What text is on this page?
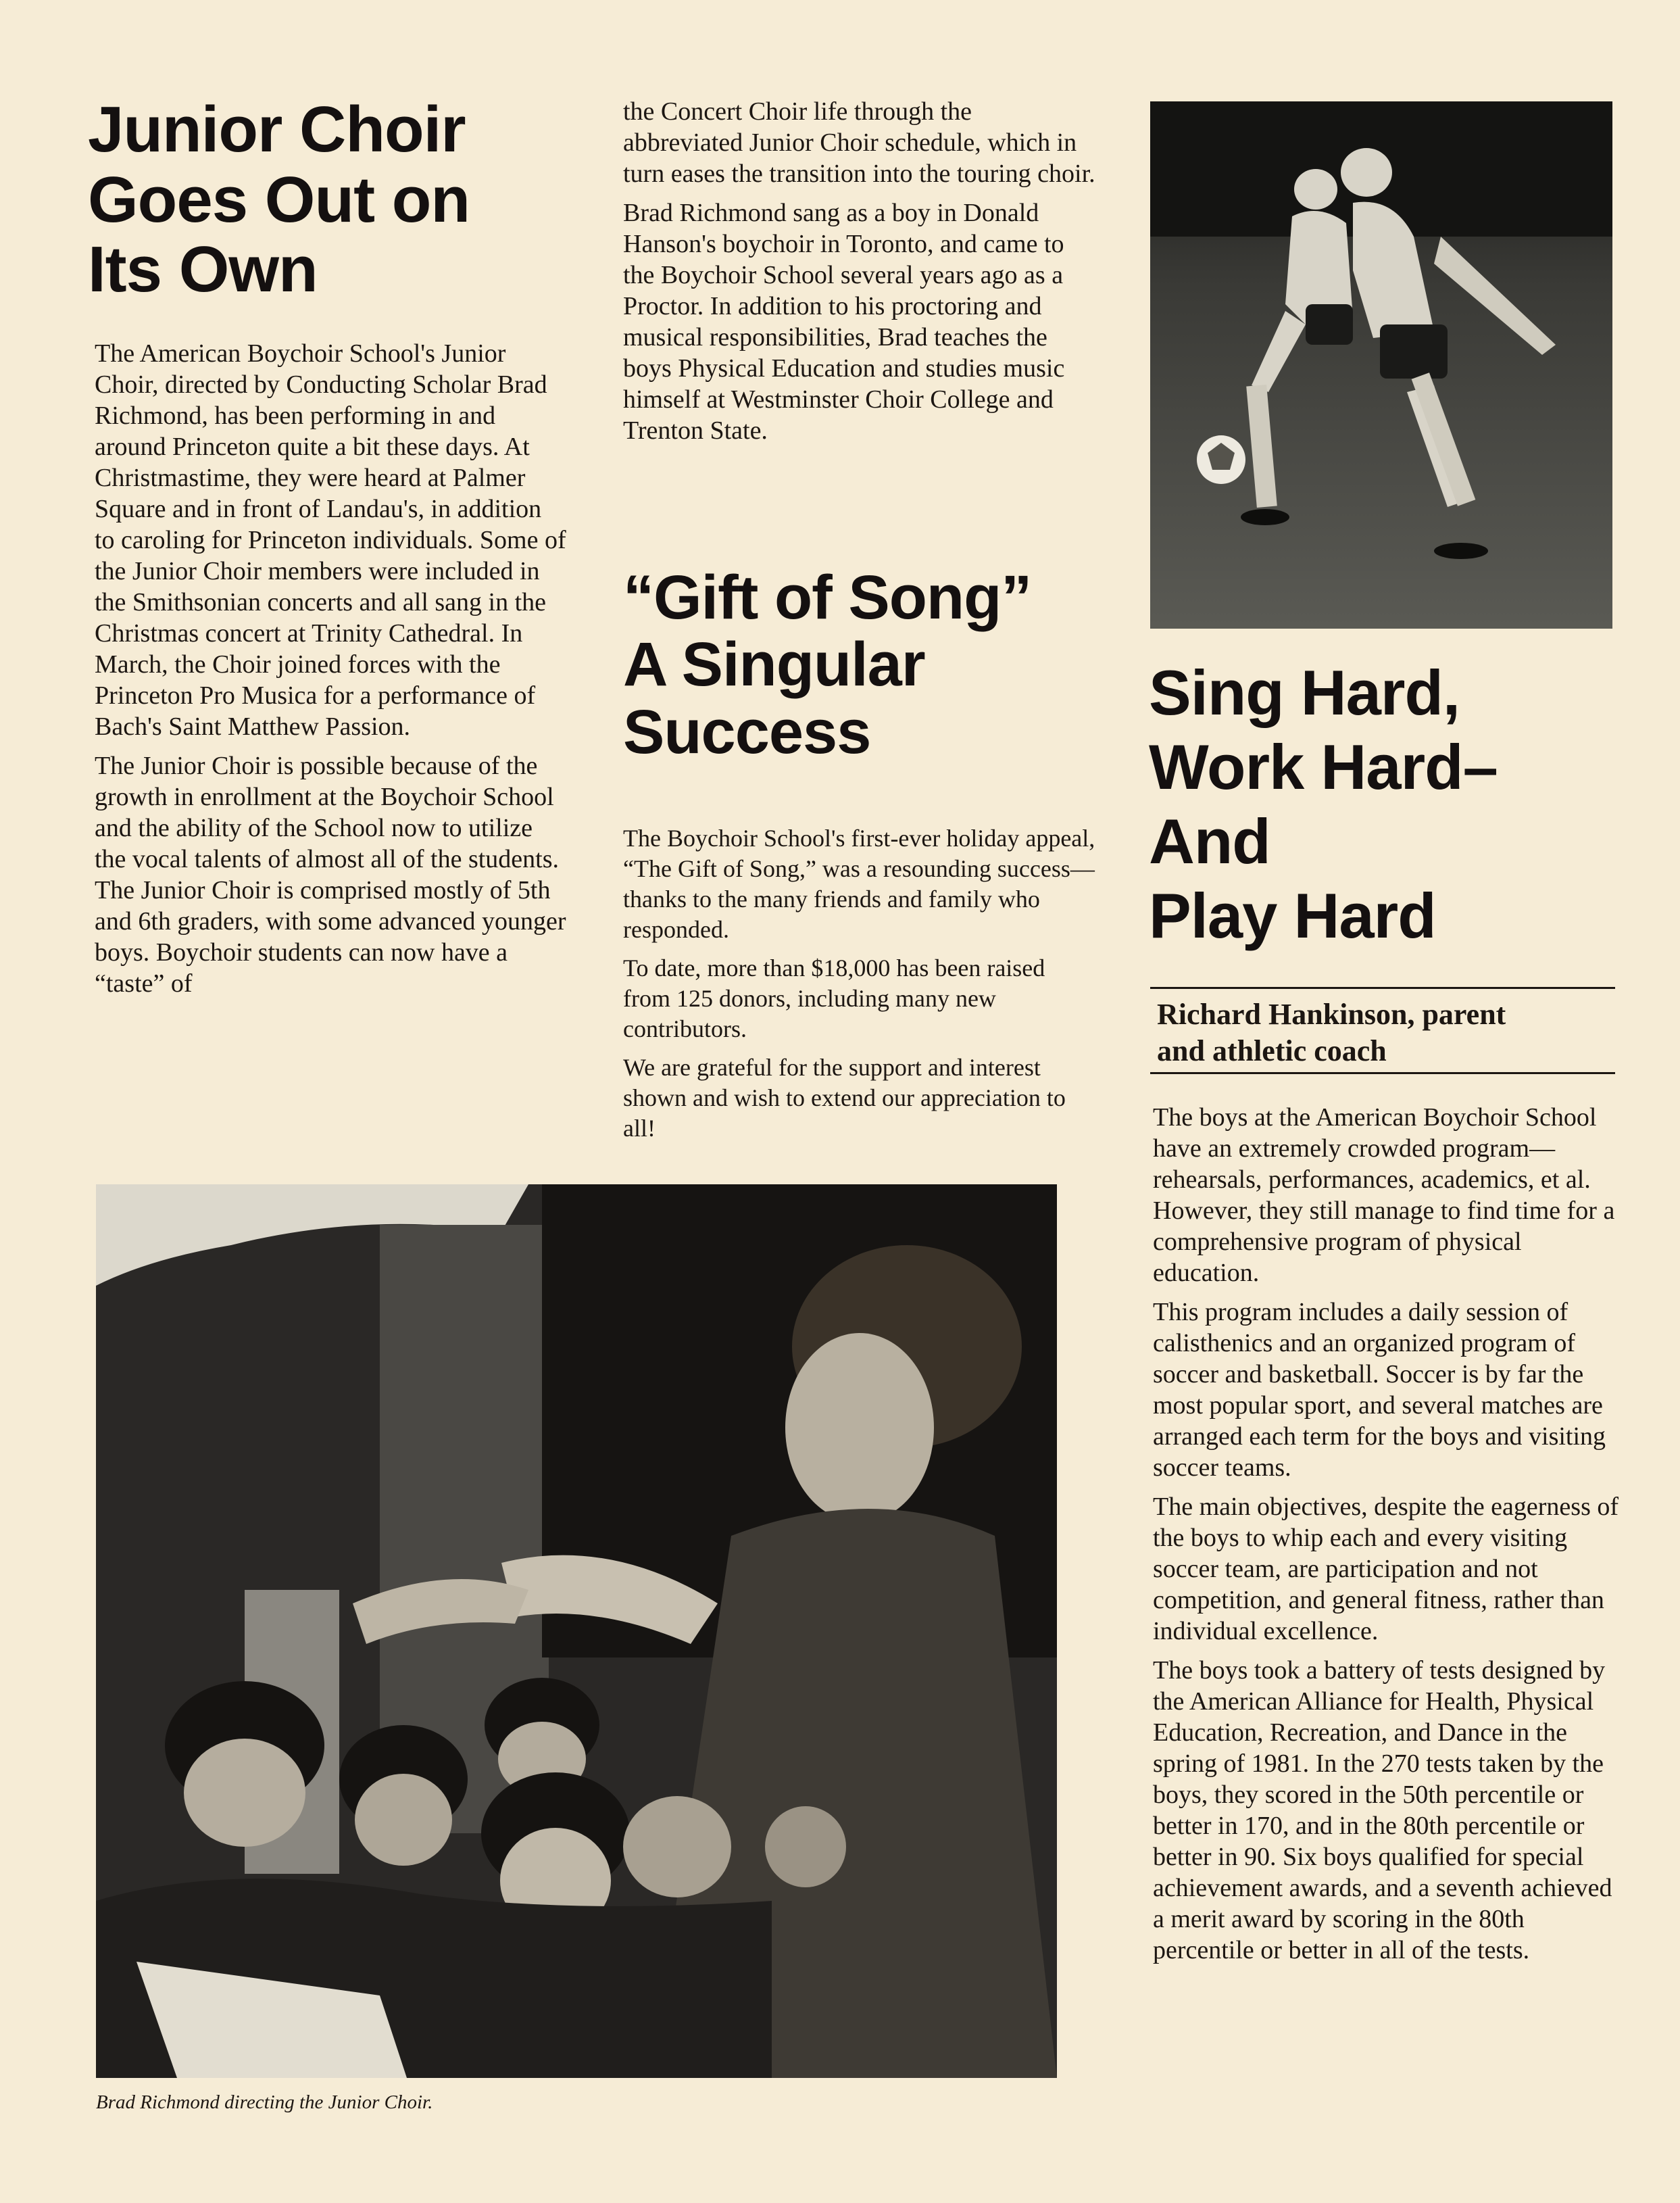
Junior Choir
Goes Out on
Its Own

The American Boychoir School's Junior Choir, directed by Conducting Scholar Brad Richmond, has been performing in and around Princeton quite a bit these days. At Christmastime, they were heard at Palmer Square and in front of Landau's, in addition to caroling for Princeton individuals. Some of the Junior Choir members were included in the Smithsonian concerts and all sang in the Christmas concert at Trinity Cathedral. In March, the Choir joined forces with the Princeton Pro Musica for a performance of Bach's Saint Matthew Passion.

The Junior Choir is possible because of the growth in enrollment at the Boychoir School and the ability of the School now to utilize the vocal talents of almost all of the students. The Junior Choir is comprised mostly of 5th and 6th graders, with some advanced younger boys. Boychoir students can now have a “taste” of

the Concert Choir life through the abbreviated Junior Choir schedule, which in turn eases the transition into the touring choir.

Brad Richmond sang as a boy in Donald Hanson's boychoir in Toronto, and came to the Boychoir School several years ago as a Proctor. In addition to his proctoring and musical responsibilities, Brad teaches the boys Physical Education and studies music himself at Westminster Choir College and Trenton State.

“Gift of Song”
A Singular
Success

The Boychoir School's first-ever holiday appeal, “The Gift of Song,” was a resounding success—thanks to the many friends and family who responded.

To date, more than $18,000 has been raised from 125 donors, including many new contributors.

We are grateful for the support and interest shown and wish to extend our appreciation to all!

Sing Hard,
Work Hard–
And
Play Hard
Richard Hankinson, parent
and athletic coach

The boys at the American Boychoir School have an extremely crowded program—rehearsals, performances, academics, et al. However, they still manage to find time for a comprehensive program of physical education.

This program includes a daily session of calisthenics and an organized program of soccer and basketball. Soccer is by far the most popular sport, and several matches are arranged each term for the boys and visiting soccer teams.

The main objectives, despite the eagerness of the boys to whip each and every visiting soccer team, are participation and not competition, and general fitness, rather than individual excellence.

The boys took a battery of tests designed by the American Alliance for Health, Physical Education, Recreation, and Dance in the spring of 1981. In the 270 tests taken by the boys, they scored in the 50th percentile or better in 170, and in the 80th percentile or better in 90. Six boys qualified for special achievement awards, and a seventh achieved a merit award by scoring in the 80th percentile or better in all of the tests.

Brad Richmond directing the Junior Choir.
